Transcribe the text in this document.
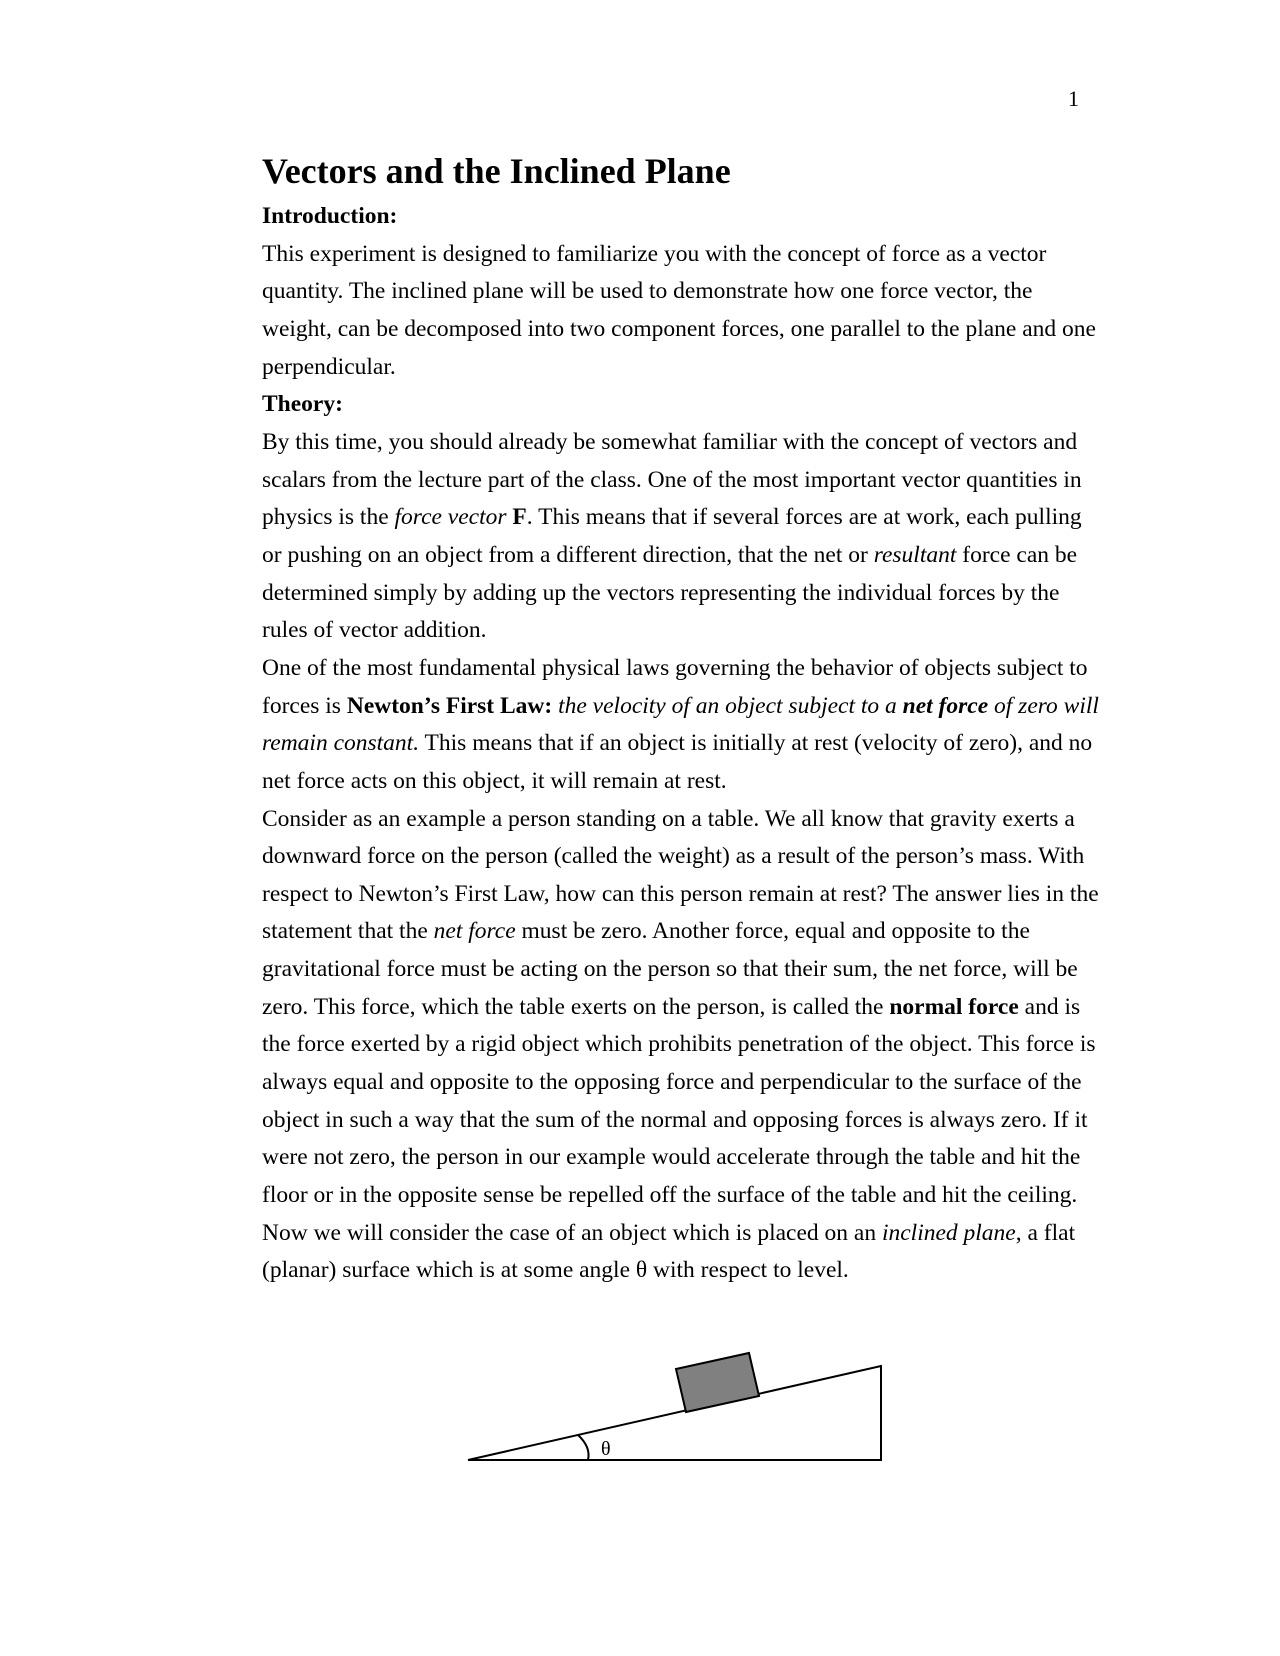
1
Vectors and the Inclined Plane

Introduction:

This experiment is designed to familiarize you with the concept of force as a vector quantity. The inclined plane will be used to demonstrate how one force vector, the weight, can be decomposed into two component forces, one parallel to the plane and one perpendicular.

Theory:

By this time, you should already be somewhat familiar with the concept of vectors and scalars from the lecture part of the class. One of the most important vector quantities in physics is the force vector F. This means that if several forces are at work, each pulling or pushing on an object from a different direction, that the net or resultant force can be determined simply by adding up the vectors representing the individual forces by the rules of vector addition.

One of the most fundamental physical laws governing the behavior of objects subject to forces is Newton’s First Law: the velocity of an object subject to a net force of zero will remain constant. This means that if an object is initially at rest (velocity of zero), and no net force acts on this object, it will remain at rest.

Consider as an example a person standing on a table. We all know that gravity exerts a downward force on the person (called the weight) as a result of the person’s mass. With respect to Newton’s First Law, how can this person remain at rest? The answer lies in the statement that the net force must be zero. Another force, equal and opposite to the gravitational force must be acting on the person so that their sum, the net force, will be zero. This force, which the table exerts on the person, is called the normal force and is the force exerted by a rigid object which prohibits penetration of the object. This force is always equal and opposite to the opposing force and perpendicular to the surface of the object in such a way that the sum of the normal and opposing forces is always zero. If it were not zero, the person in our example would accelerate through the table and hit the floor or in the opposite sense be repelled off the surface of the table and hit the ceiling.

Now we will consider the case of an object which is placed on an inclined plane, a flat (planar) surface which is at some angle θ with respect to level.

θ
